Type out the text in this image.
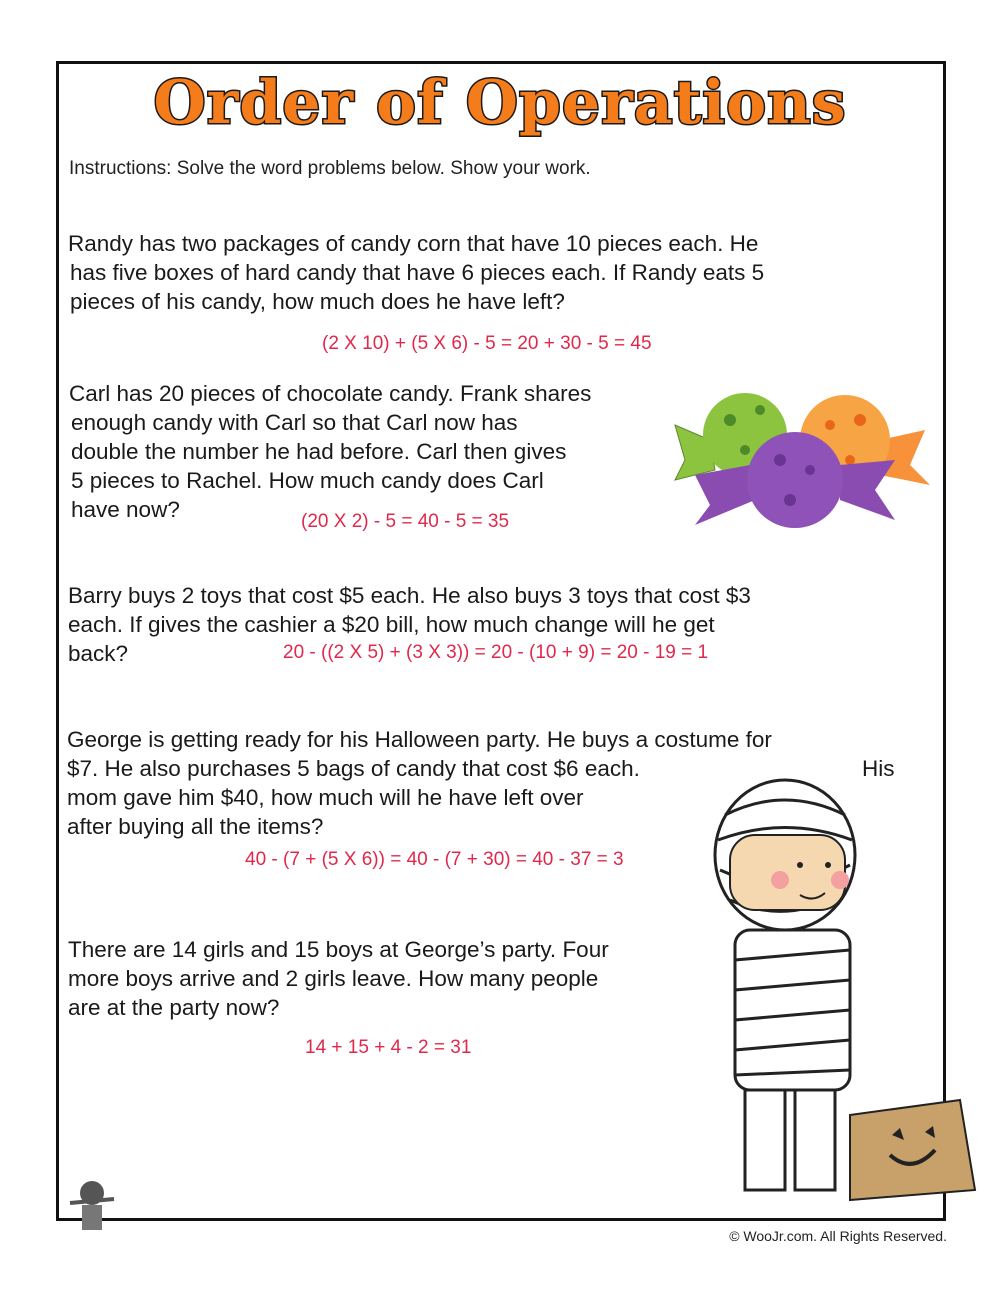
Order of Operations
Instructions: Solve the word problems below. Show your work.
Randy has two packages of candy corn that have 10 pieces each. He
has five boxes of hard candy that have 6 pieces each. If Randy eats 5
pieces of his candy, how much does he have left?
(2 X 10) + (5 X 6) - 5 = 20 + 30 - 5 = 45
Carl has 20 pieces of chocolate candy. Frank shares
enough candy with Carl so that Carl now has
double the number he had before. Carl then gives
5 pieces to Rachel. How much candy does Carl
have now?	(20 X 2) - 5 = 40 - 5 = 35
Barry buys 2 toys that cost $5 each. He also buys 3 toys that cost $3
each. If gives the cashier a $20 bill, how much change will he get
back?	20 - ((2 X 5) + (3 X 3)) = 20 - (10 + 9) = 20 - 19 = 1
George is getting ready for his Halloween party. He buys a costume for
$7. He also purchases 5 bags of candy that cost $6 each.	His
mom gave him $40, how much will he have left over
after buying all the items?
40 - (7 + (5 X 6)) = 40 - (7 + 30) = 40 - 37 = 3
There are 14 girls and 15 boys at George’s party. Four
more boys arrive and 2 girls leave. How many people
are at the party now?
14 + 15 + 4 - 2 = 31
© WooJr.com. All Rights Reserved.
